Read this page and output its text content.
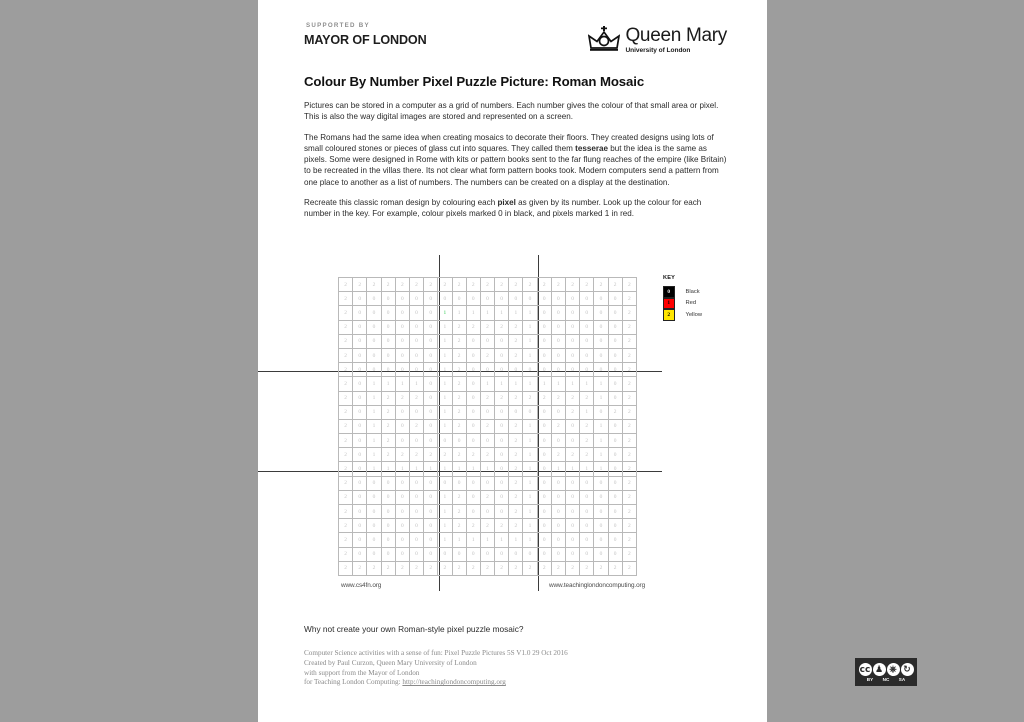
SUPPORTED BY
MAYOR OF LONDON	Queen Mary
University of London
Colour By Number Pixel Puzzle Picture: Roman Mosaic

Pictures can be stored in a computer as a grid of numbers. Each number gives the colour of that small area or pixel. This is also the way digital images are stored and represented on a screen.

The Romans had the same idea when creating mosaics to decorate their floors. They created designs using lots of small coloured stones or pieces of glass cut into squares. They called them tesserae but the idea is the same as pixels. Some were designed in Rome with kits or pattern books sent to the far flung reaches of the empire (like Britain) to be recreated in the villas there. Its not clear what form pattern books took. Modern computers send a pattern from one place to another as a list of numbers. The numbers can be created on a display at the destination.

Recreate this classic roman design by colouring each pixel as given by its number. Look up the colour for each number in the key. For example, colour pixels marked 0 in black, and pixels marked 1 in red.

2	2	2	2	2	2	2	2	2	2	2	2	2	2	2	2	2	2	2	2	2
2	0	0	0	0	0	0	0	0	0	0	0	0	0	0	0	0	0	0	0	2
2	0	0	0	0	0	0	1	1	1	1	1	1	1	0	0	0	0	0	0	2
2	0	0	0	0	0	0	1	2	2	2	2	2	1	0	0	0	0	0	0	2
2	0	0	0	0	0	0	1	2	0	0	0	2	1	0	0	0	0	0	0	2
2	0	0	0	0	0	0	1	2	0	2	0	2	1	0	0	0	0	0	0	2
2	0	0	0	0	0	0	1	2	0	0	0	0	0	0	0	0	0	0	0	2
2	0	1	1	1	1	0	1	2	0	1	1	1	1	1	1	1	1	1	0	2
2	0	1	2	2	2	0	1	2	0	2	2	2	2	2	2	2	2	1	0	2
2	0	1	2	0	0	0	1	2	0	0	0	0	0	0	0	2	1	0	2	2
2	0	1	2	0	2	0	1	2	0	2	0	2	1	0	2	0	2	1	0	2
2	0	1	2	0	0	0	0	0	0	0	0	2	1	0	0	0	2	1	0	2
2	0	1	2	2	2	2	2	2	2	2	0	2	1	0	2	2	2	1	0	2
2	0	1	1	1	1	1	1	1	1	1	0	2	1	0	1	1	1	1	0	2
2	0	0	0	0	0	0	0	0	0	0	0	2	1	0	0	0	0	0	0	2
2	0	0	0	0	0	0	1	2	0	2	0	2	1	0	0	0	0	0	0	2
2	0	0	0	0	0	0	1	2	0	0	0	2	1	0	0	0	0	0	0	2
2	0	0	0	0	0	0	1	2	2	2	2	2	1	0	0	0	0	0	0	2
2	0	0	0	0	0	0	1	1	1	1	1	1	1	0	0	0	0	0	0	2
2	0	0	0	0	0	0	0	0	0	0	0	0	0	0	0	0	0	0	0	2
2	2	2	2	2	2	2	2	2	2	2	2	2	2	2	2	2	2	2	2	2
www.cs4fn.org	www.teachinglondoncomputing.org
KEY
0	Black
1	Red
2	Yellow
Why not create your own Roman-style pixel puzzle mosaic?
Computer Science activities with a sense of fun: Pixel Puzzle Pictures 5S V1.0 29 Oct 2016
Created by Paul Curzon, Queen Mary University of London
with support from the Mayor of London
for Teaching London Computing: http://teachinglondoncomputing.org
cc ♟ ⎈ ↻
BY	NC	SA
